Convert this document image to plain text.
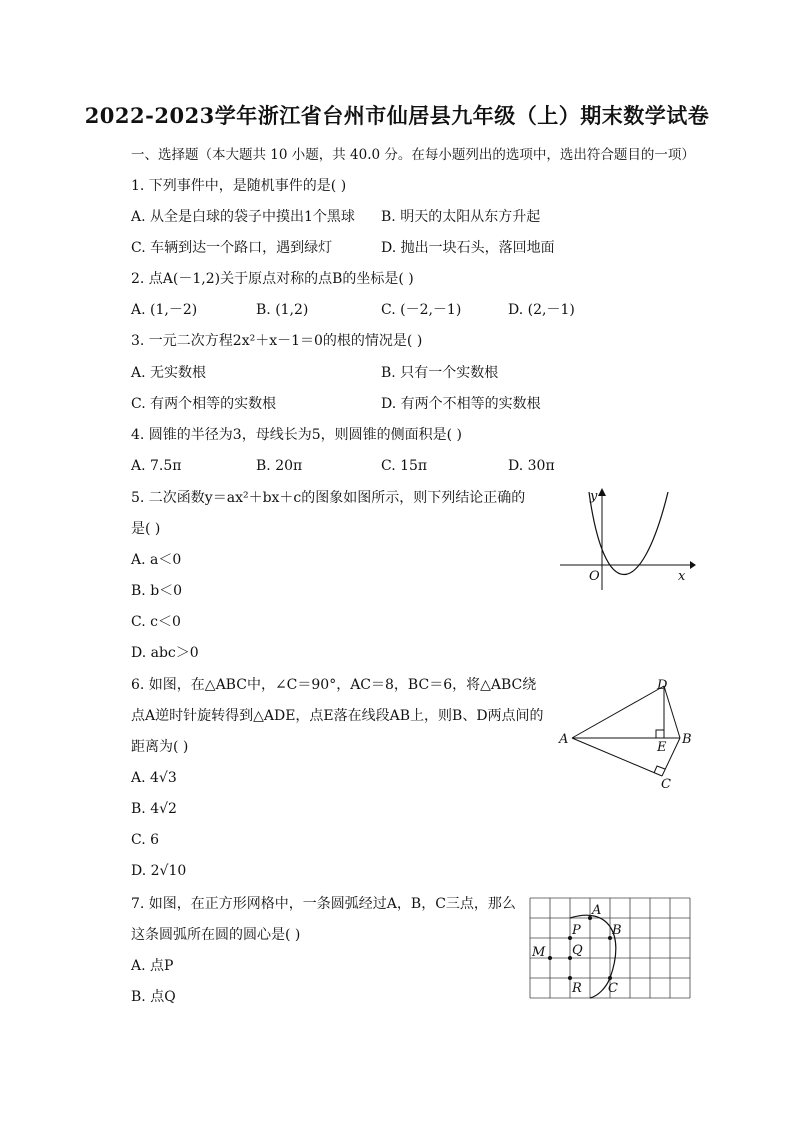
2022-2023学年浙江省台州市仙居县九年级（上）期末数学试卷
一、选择题（本大题共 10 小题，共 40.0 分。在每小题列出的选项中，选出符合题目的一项）
1. 下列事件中，是随机事件的是( )
A. 从全是白球的袋子中摸出1个黑球 B. 明天的太阳从东方升起
C. 车辆到达一个路口，遇到绿灯	D. 抛出一块石头，落回地面
2. 点A(－1,2)关于原点对称的点B的坐标是( )
A. (1,－2)	B. (1,2)	C. (－2,－1)	D. (2,－1)
3. 一元二次方程2x²＋x－1＝0的根的情况是( )
A. 无实数根	B. 只有一个实数根
C. 有两个相等的实数根	D. 有两个不相等的实数根
4. 圆锥的半径为3，母线长为5，则圆锥的侧面积是( )
A. 7.5π	B. 20π	C. 15π	D. 30π
5. 二次函数y＝ax²＋bx＋c的图象如图所示，则下列结论正确的
是( )
A. a＜0
B. b＜0
C. c＜0
D. abc＞0
y
x
O
6. 如图，在△ABC中，∠C＝90°，AC＝8，BC＝6，将△ABC绕
点A逆时针旋转得到△ADE，点E落在线段AB上，则B、D两点间的
距离为( )
A. 4√3
B. 4√2
C. 6
D. 2√10
A
D
E
B
C
7. 如图，在正方形网格中，一条圆弧经过A，B，C三点，那么
这条圆弧所在圆的圆心是( )
A. 点P
B. 点Q
A
B
C
M
P
Q
R
